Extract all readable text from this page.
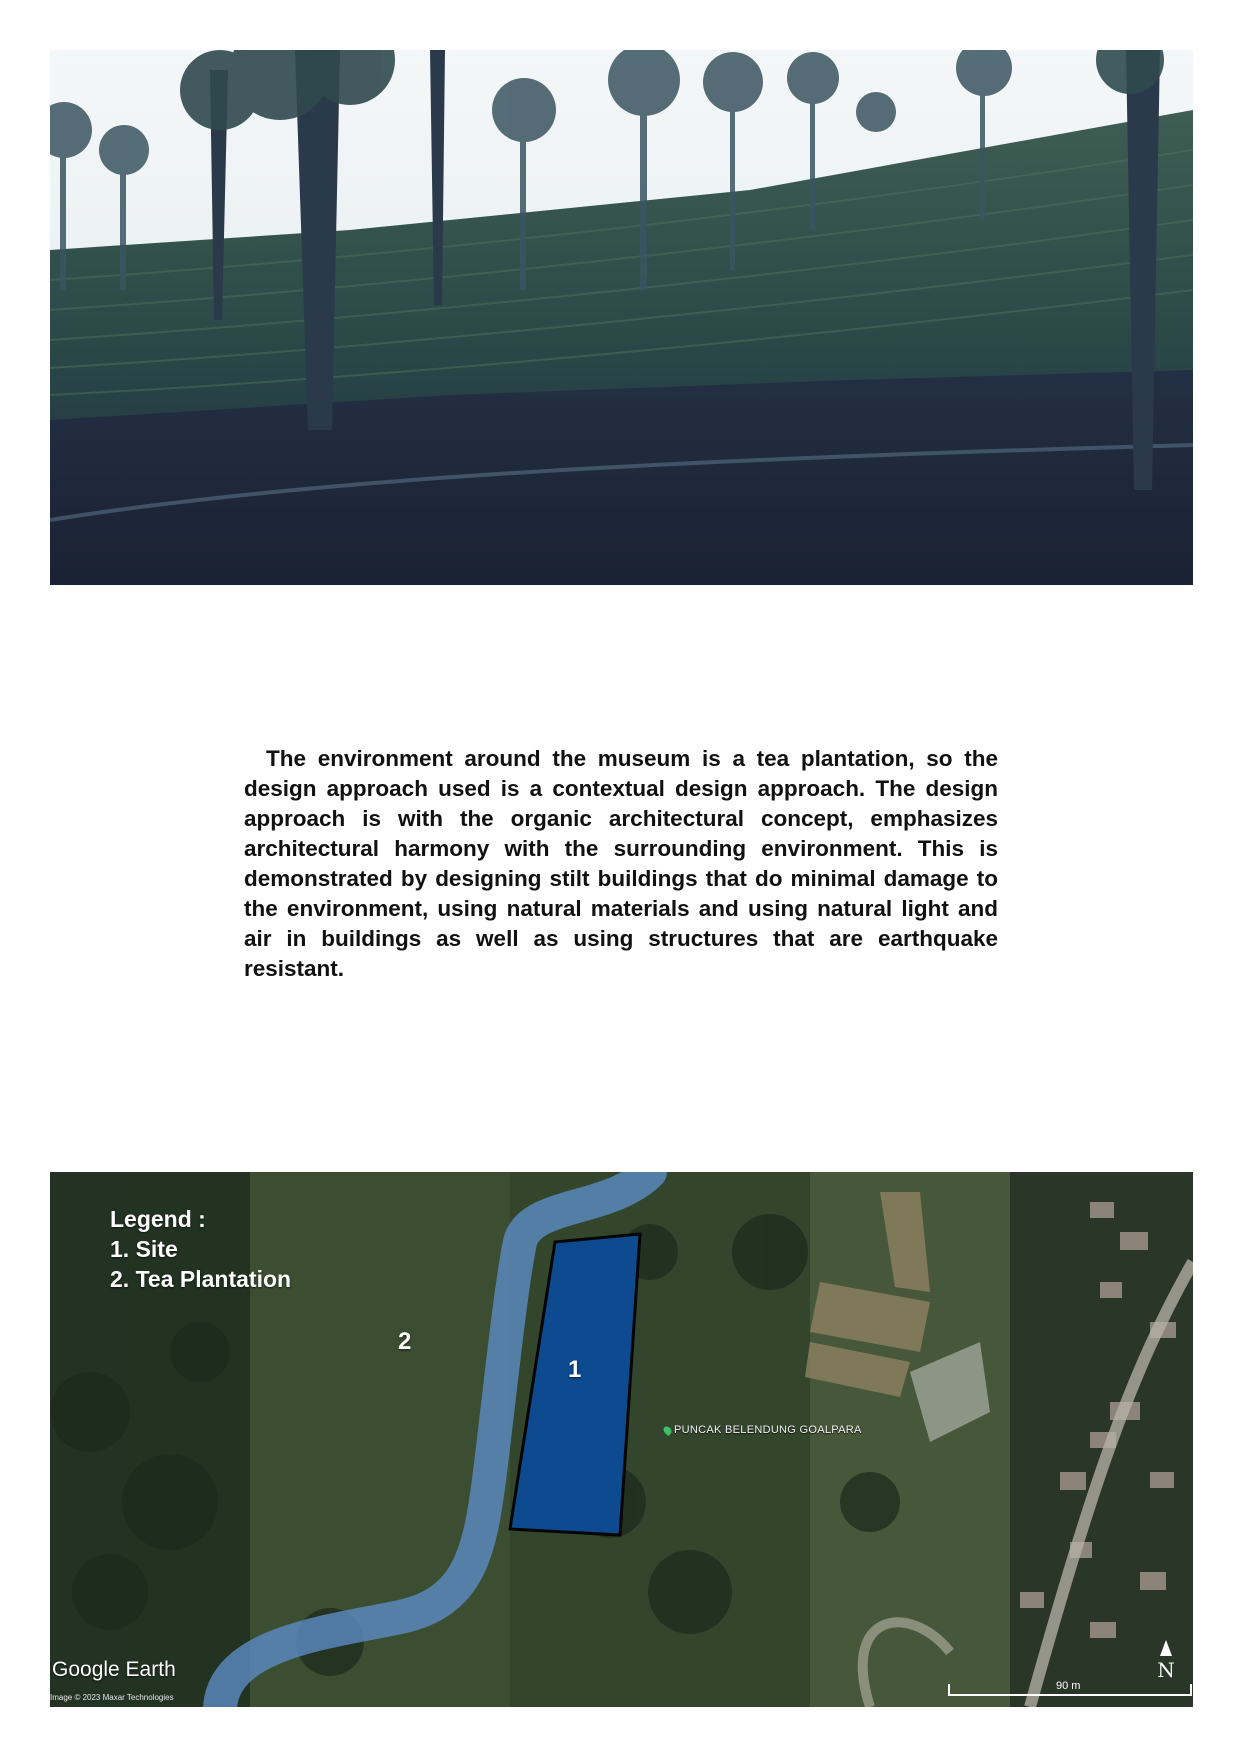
The environment around the museum is a tea plantation, so the design approach used is a contextual design approach. The design approach is with the organic architectural concept, emphasizes architectural harmony with the surrounding environment. This is demonstrated by designing stilt buildings that do minimal damage to the environment, using natural materials and using natural light and air in buildings as well as using structures that are earthquake resistant.

Legend :
1. Site
2. Tea Plantation
2
1
PUNCAK BELENDUNG GOALPARA
Google Earth
Image © 2023 Maxar Technologies
N
90 m
